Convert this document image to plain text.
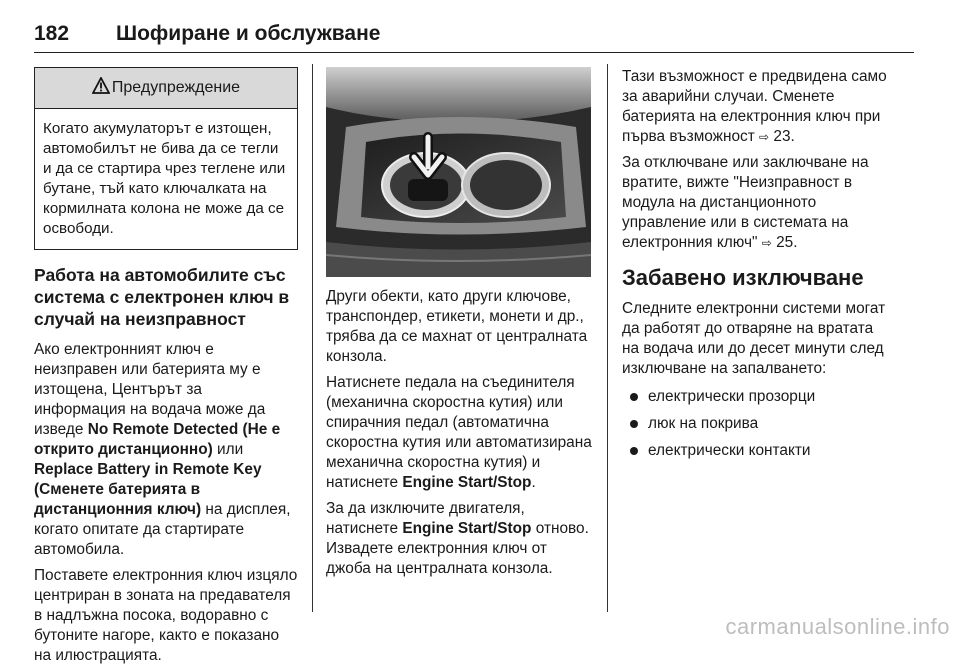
182 Шофиране и обслужване
Предупреждение
Когато акумулаторът е изтощен, автомобилът не бива да се тегли и да се стартира чрез теглене или бутане, тъй като ключалката на кормилната колона не може да се освободи.
Работа на автомобилите със система с електронен ключ в случай на неизправност

Ако електронният ключ е неизправен или батерията му е изтощена, Центърът за информация на водача може да изведе No Remote Detected (Не е открито дистанционно) или Replace Battery in Remote Key (Сменете батерията в дистанционния ключ) на дисплея, когато опитате да стартирате автомобила.

Поставете електронния ключ изцяло центриран в зоната на предавателя в надлъжна посока, водоравно с бутоните нагоре, както е показано на илюстрацията.

Други обекти, като други ключове, транспондер, етикети, монети и др., трябва да се махнат от централната конзола.

Натиснете педала на съединителя (механична скоростна кутия) или спирачния педал (автоматична скоростна кутия или автоматизирана механична скоростна кутия) и натиснете Engine Start/Stop.

За да изключите двигателя, натиснете Engine Start/Stop отново. Извадете електронния ключ от джоба на централната конзола.

Тази възможност е предвидена само за аварийни случаи. Сменете батерията на електронния ключ при първа възможност ⇨ 23.

За отключване или заключване на вратите, вижте "Неизправност в модула на дистанционното управление или в системата на електронния ключ" ⇨ 25.

Забавено изключване

Следните електронни системи могат да работят до отваряне на вратата на водача или до десет минути след изключване на запалването:

електрически прозорци
люк на покрива
електрически контакти
carmanualsonline.info
